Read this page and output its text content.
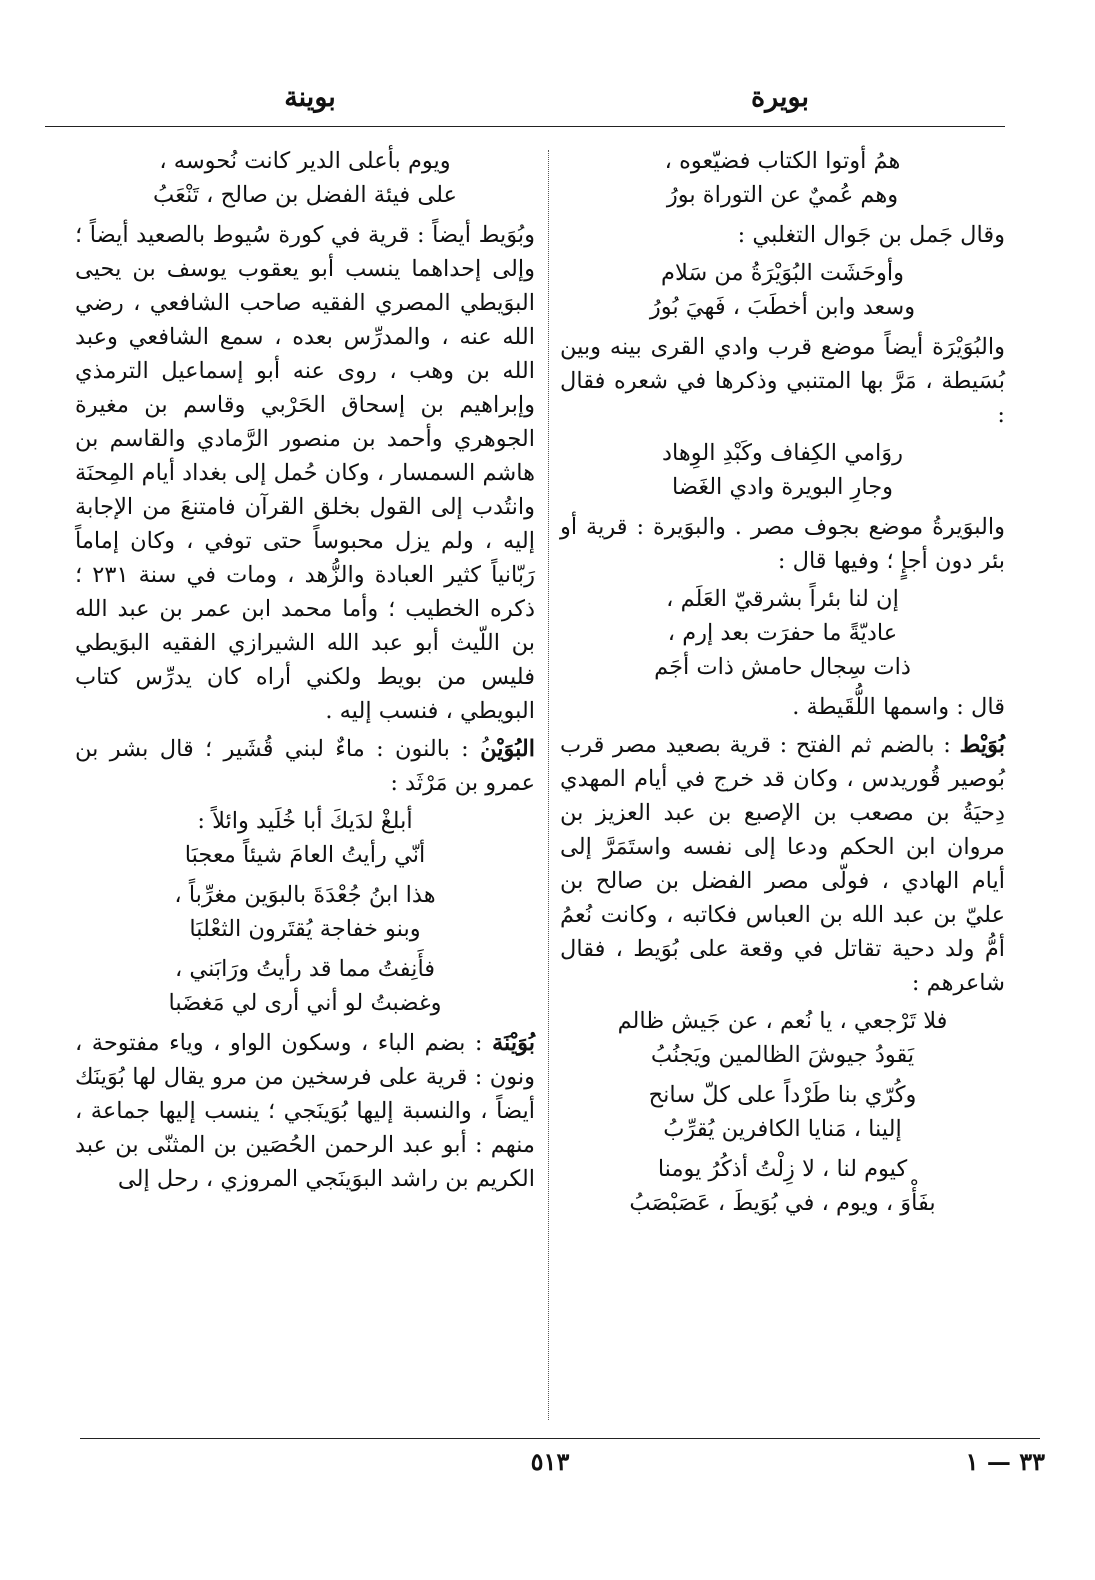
بويرة
بوينة
همُ أوتوا الكتاب فضيّعوه ،
وهم عُميٌ عن التوراة بورُ
وقال جَمل بن جَوال التغلبي :
وأوحَشَت البُوَيْرَةُ من سَلام
وسعد وابن أخطَبَ ، فَهيَ بُورُ
والبُوَيْرَة أيضاً موضع قرب وادي القرى بينه وبين بُسَيطة ، مَرَّ بها المتنبي وذكرها في شعره فقال :
روَامي الكِفاف وكَبْدِ الوِهاد
وجارِ البويرة وادي الغَضا
والبوَيرةُ موضع بجوف مصر . والبوَيرة : قرية أو بئر دون أجإٍ ؛ وفيها قال :
إن لنا بئراً بشرقيّ العَلَم ،
عاديّةً ما حفرَت بعد إرم ،
ذات سِجال حامش ذات أجَم
قال : واسمها اللُّقَيطة .
بُوَيْط : بالضم ثم الفتح : قرية بصعيد مصر قرب بُوصير قُوريدس ، وكان قد خرج في أيام المهدي دِحيَةُ بن مصعب بن الإصبع بن عبد العزيز بن مروان ابن الحكم ودعا إلى نفسه واستَمَرَّ إلى أيام الهادي ، فولّى مصر الفضل بن صالح بن عليّ بن عبد الله بن العباس فكاتبه ، وكانت نُعمُ أمُّ ولد دحية تقاتل في وقعة على بُوَيط ، فقال شاعرهم :
فلا تَرْجعي ، يا نُعم ، عن جَيش ظالم
يَقودُ جيوشَ الظالمين ويَجنُبُ
وكُرّي بنا طَرْداً على كلّ سانح
إلينا ، مَنايا الكافرين يُقرِّبُ
كيوم لنا ، لا زِلْتُ أذكُرُ يومنا
بفَأْوَ ، ويوم ، في بُوَيطَ ، عَصَبْصَبُ
ويوم بأعلى الدير كانت نُحوسه ،
على فيئة الفضل بن صالح ، تَنْعَبُ
وبُوَيط أيضاً : قرية في كورة سُيوط بالصعيد أيضاً ؛ وإلى إحداهما ينسب أبو يعقوب يوسف بن يحيى البوَيطي المصري الفقيه صاحب الشافعي ، رضي الله عنه ، والمدرِّس بعده ، سمع الشافعي وعبد الله بن وهب ، روى عنه أبو إسماعيل الترمذي وإبراهيم بن إسحاق الحَرْبي وقاسم بن مغيرة الجوهري وأحمد بن منصور الرَّمادي والقاسم بن هاشم السمسار ، وكان حُمل إلى بغداد أيام المِحنَة وانتُدب إلى القول بخلق القرآن فامتنعَ من الإجابة إليه ، ولم يزل محبوساً حتى توفي ، وكان إماماً رَبّانياً كثير العبادة والزُّهد ، ومات في سنة ٢٣١ ؛ ذكره الخطيب ؛ وأما محمد ابن عمر بن عبد الله بن اللّيث أبو عبد الله الشيرازي الفقيه البوَيطي فليس من بويط ولكني أراه كان يدرِّس كتاب البويطي ، فنسب إليه .
البُوَيْنُ : بالنون : ماءٌ لبني قُشَير ؛ قال بشر بن عمرو بن مَرْثَد :
أبلغْ لدَيكَ أبا خُلَيد وائلاً :
أنّي رأيتُ العامَ شيئاً معجبَا
هذا ابنُ جُعْدَةَ بالبوَين مغرِّباً ،
وبنو خفاجة يُقتَرون الثعْلبَا
فأَنِفتُ مما قد رأيتُ ورَابَني ،
وغضبتُ لو أني أرى لي مَغضَبا
بُوَيْنَة : بضم الباء ، وسكون الواو ، وياء مفتوحة ، ونون : قرية على فرسخين من مرو يقال لها بُوَينَك أيضاً ، والنسبة إليها بُوَينَجي ؛ ينسب إليها جماعة ، منهم : أبو عبد الرحمن الحُصَين بن المثنّى بن عبد الكريم بن راشد البوَينَجي المروزي ، رحل إلى
٥١٣	٣٣ — ١
